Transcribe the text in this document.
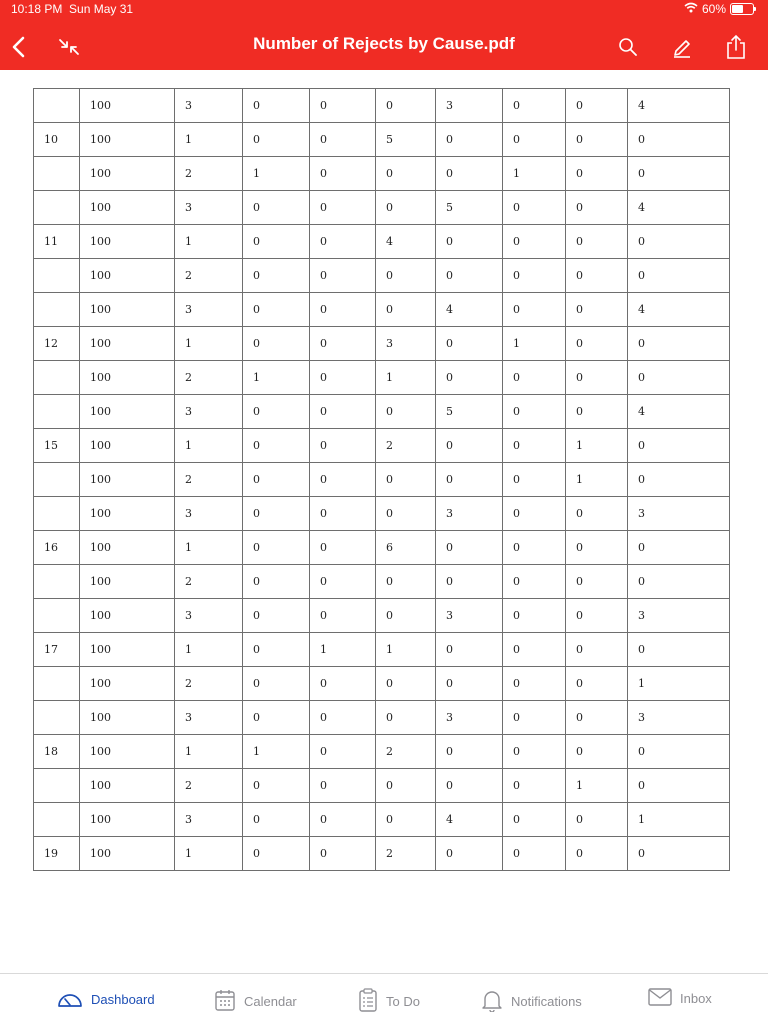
10:18 PM Sun May 31	60%
Number of Rejects by Cause.pdf
	100	3	0	0	0	3	0	0	4
10	100	1	0	0	5	0	0	0	0
	100	2	1	0	0	0	1	0	0
	100	3	0	0	0	5	0	0	4
11	100	1	0	0	4	0	0	0	0
	100	2	0	0	0	0	0	0	0
	100	3	0	0	0	4	0	0	4
12	100	1	0	0	3	0	1	0	0
	100	2	1	0	1	0	0	0	0
	100	3	0	0	0	5	0	0	4
15	100	1	0	0	2	0	0	1	0
	100	2	0	0	0	0	0	1	0
	100	3	0	0	0	3	0	0	3
16	100	1	0	0	6	0	0	0	0
	100	2	0	0	0	0	0	0	0
	100	3	0	0	0	3	0	0	3
17	100	1	0	1	1	0	0	0	0
	100	2	0	0	0	0	0	0	1
	100	3	0	0	0	3	0	0	3
18	100	1	1	0	2	0	0	0	0
	100	2	0	0	0	0	0	1	0
	100	3	0	0	0	4	0	0	1
19	100	1	0	0	2	0	0	0	0
Dashboard	Calendar	To Do	Notifications	Inbox
